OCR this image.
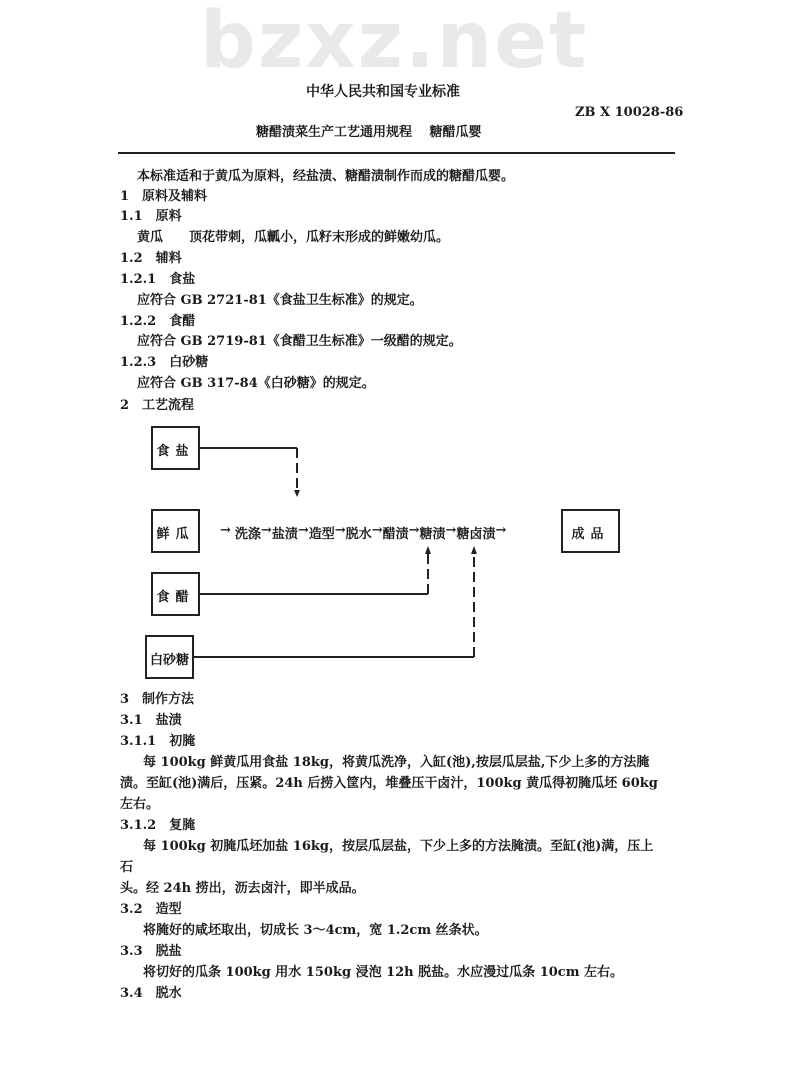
bzxz.net
中华人民共和国专业标准
ZB X 10028-86
糖醋渍菜生产工艺通用规程　 糖醋瓜婴
本标准适和于黄瓜为原料，经盐渍、糖醋渍制作而成的糖醋瓜婴。
1　原料及辅料
1.1　原料
黄瓜　　顶花带刺，瓜瓤小，瓜籽末形成的鲜嫩幼瓜。
1.2　辅料
1.2.1　食盐
应符合 GB 2721-81《食盐卫生标准》的规定。
1.2.2　食醋
应符合 GB 2719-81《食醋卫生标准》一级醋的规定。
1.2.3　白砂糖
应符合 GB 317-84《白砂糖》的规定。
2　工艺流程
食盐
鲜瓜
食醋
白砂糖
成品
→ 洗涤 → 盐渍 → 造型 → 脱水 → 醋渍 → 糖渍 → 糖卤渍 →
3　制作方法
3.1　盐渍
3.1.1　初腌
每 100kg 鲜黄瓜用食盐 18kg，将黄瓜洗净，入缸(池),按层瓜层盐,下少上多的方法腌
渍。至缸(池)满后，压紧。24h 后捞入筐内，堆叠压干卤汁，100kg 黄瓜得初腌瓜坯 60kg
左右。
3.1.2　复腌
每 100kg 初腌瓜坯加盐 16kg，按层瓜层盐，下少上多的方法腌渍。至缸(池)满，压上
石
头。经 24h 捞出，沥去卤汁，即半成品。
3.2　造型
将腌好的咸坯取出，切成长 3～4cm，宽 1.2cm 丝条状。
3.3　脱盐
将切好的瓜条 100kg 用水 150kg 浸泡 12h 脱盐。水应漫过瓜条 10cm 左右。
3.4　脱水
